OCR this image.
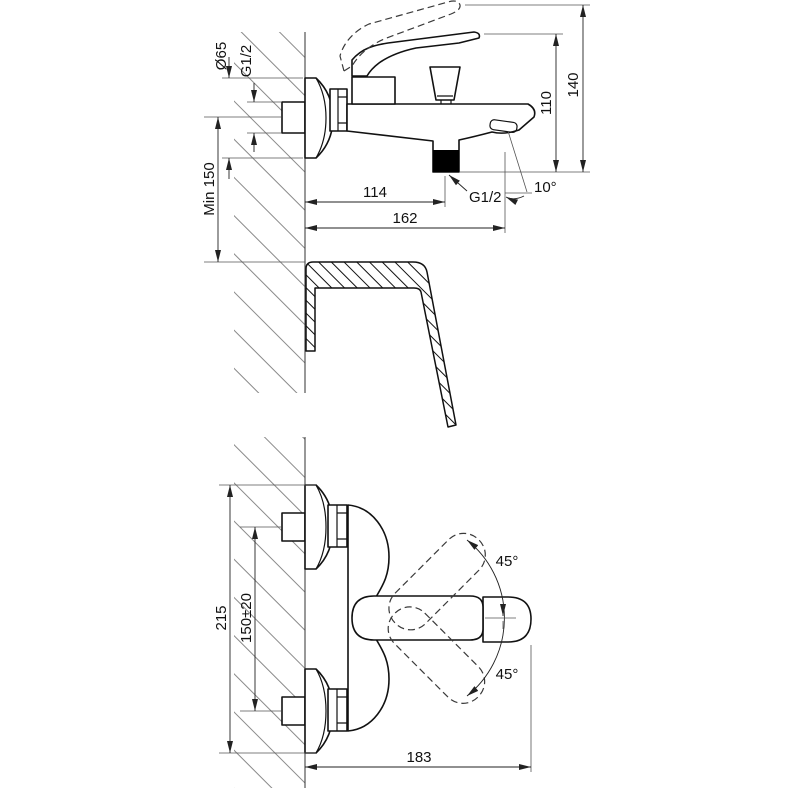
Ø65 G1/2
Min 150	114
162
G1/2
10°
110
140
45°
45°
215 150±20
183
